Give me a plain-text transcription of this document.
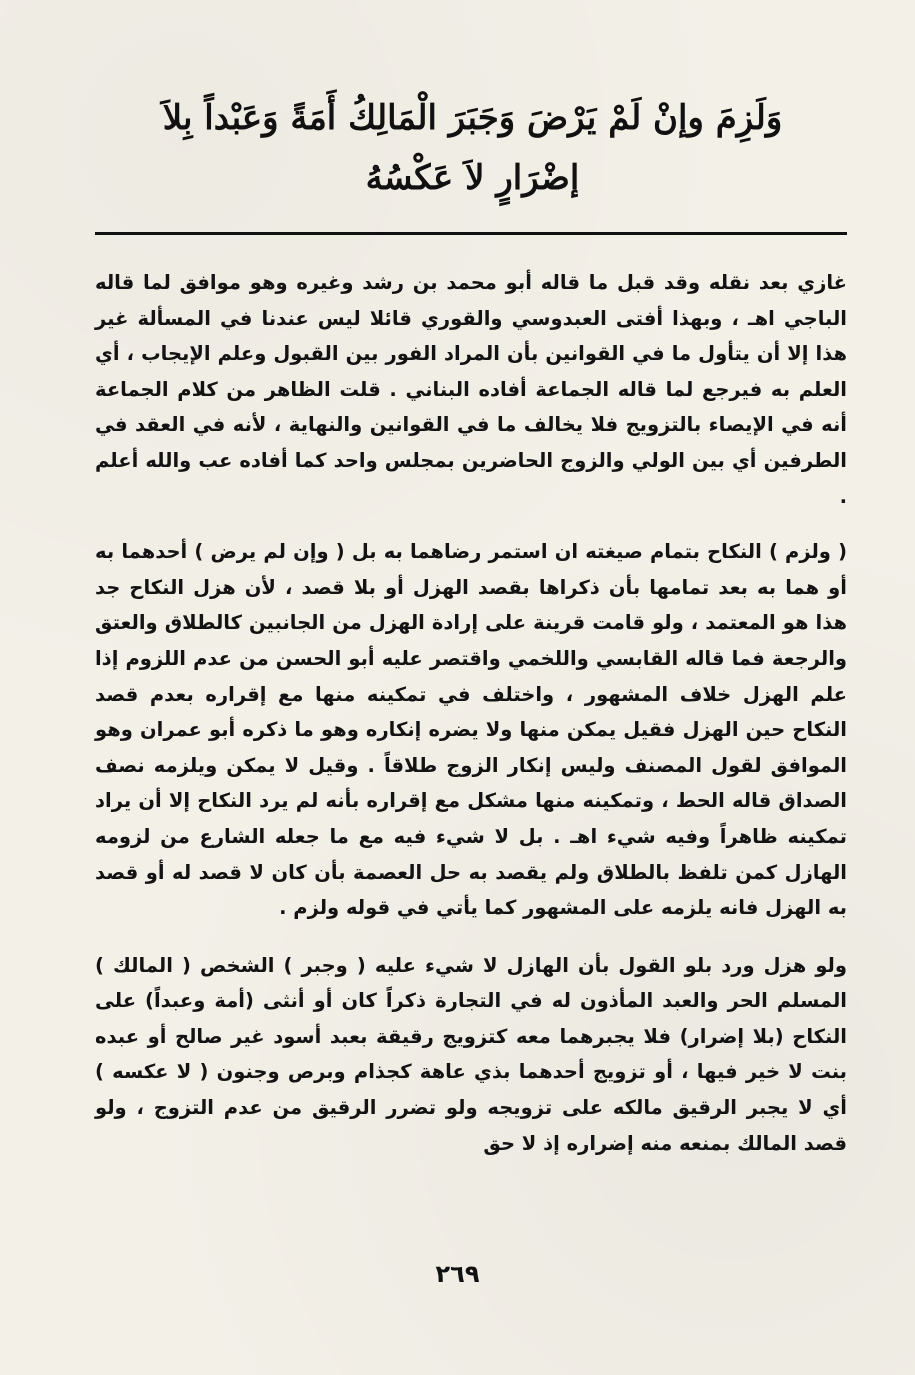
وَلَزِمَ وإنْ لَمْ يَرْضَ وَجَبَرَ الْمَالِكُ أَمَةً وَعَبْداً بِلاَ
إضْرَارٍ لاَ عَكْسُهُ

غازي بعد نقله وقد قبل ما قاله أبو محمد بن رشد وغيره وهو موافق لما قاله الباجي اهـ ، وبهذا أفتى العبدوسي والقوري قائلا ليس عندنا في المسألة غير هذا إلا أن يتأول ما في القوانين بأن المراد الفور بين القبول وعلم الإيجاب ، أي العلم به فيرجع لما قاله الجماعة أفاده البناني . قلت الظاهر من كلام الجماعة أنه في الإيصاء بالتزويج فلا يخالف ما في القوانين والنهاية ، لأنه في العقد في الطرفين أي بين الولي والزوج الحاضرين بمجلس واحد كما أفاده عب والله أعلم .

( ولزم ) النكاح بتمام صيغته ان استمر رضاهما به بل ( وإن لم يرض ) أحدهما به أو هما به بعد تمامها بأن ذكراها بقصد الهزل أو بلا قصد ، لأن هزل النكاح جد هذا هو المعتمد ، ولو قامت قرينة على إرادة الهزل من الجانبين كالطلاق والعتق والرجعة فما قاله القابسي واللخمي واقتصر عليه أبو الحسن من عدم اللزوم إذا علم الهزل خلاف المشهور ، واختلف في تمكينه منها مع إقراره بعدم قصد النكاح حين الهزل فقيل يمكن منها ولا يضره إنكاره وهو ما ذكره أبو عمران وهو الموافق لقول المصنف وليس إنكار الزوج طلاقاً . وقيل لا يمكن ويلزمه نصف الصداق قاله الحط ، وتمكينه منها مشكل مع إقراره بأنه لم يرد النكاح إلا أن يراد تمكينه ظاهراً وفيه شيء اهـ . بل لا شيء فيه مع ما جعله الشارع من لزومه الهازل كمن تلفظ بالطلاق ولم يقصد به حل العصمة بأن كان لا قصد له أو قصد به الهزل فانه يلزمه على المشهور كما يأتي في قوله ولزم .

ولو هزل ورد بلو القول بأن الهازل لا شيء عليه ( وجبر ) الشخص ( المالك ) المسلم الحر والعبد المأذون له في التجارة ذكراً كان أو أنثى (أمة وعبداً) على النكاح (بلا إضرار) فلا يجبرهما معه كتزويج رقيقة بعبد أسود غير صالح أو عبده بنت لا خير فيها ، أو تزويج أحدهما بذي عاهة كجذام وبرص وجنون ( لا عكسه ) أي لا يجبر الرقيق مالكه على تزويجه ولو تضرر الرقيق من عدم التزوج ، ولو قصد المالك بمنعه منه إضراره إذ لا حق

٢٦٩
